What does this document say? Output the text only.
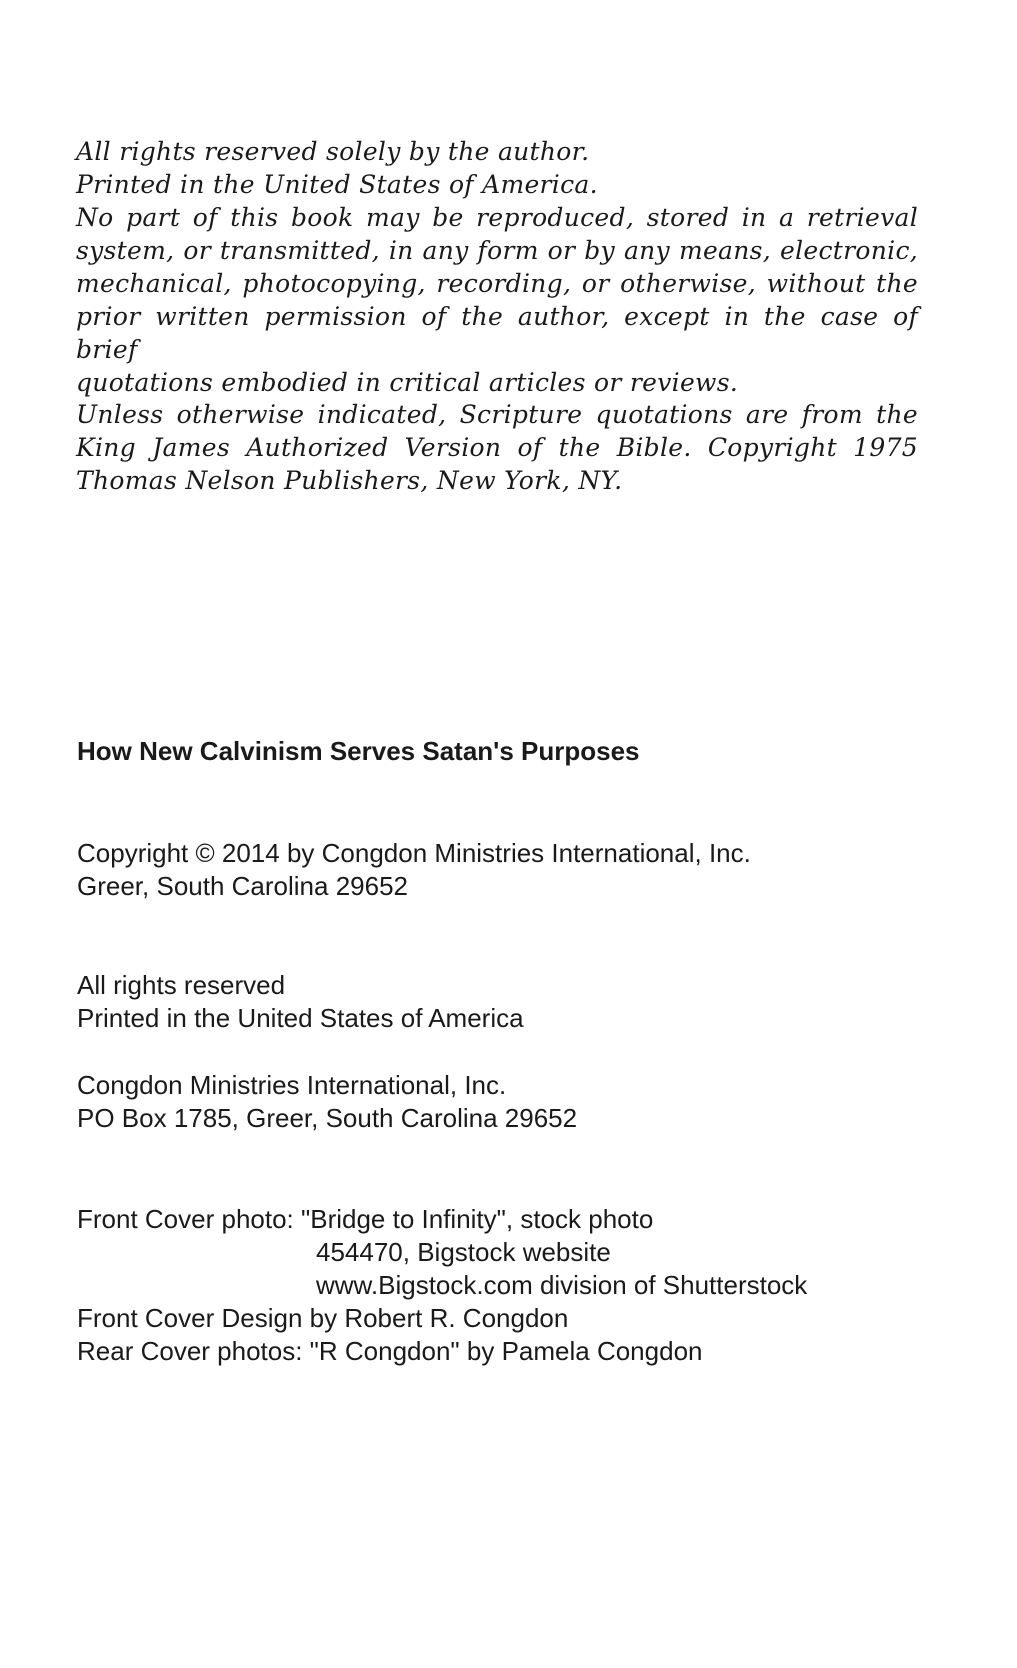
All rights reserved solely by the author.
Printed in the United States of America.
No part of this book may be reproduced, stored in a retrieval
system, or transmitted, in any form or by any means, electronic,
mechanical, photocopying, recording, or otherwise, without the
prior written permission of the author, except in the case of brief
quotations embodied in critical articles or reviews.
Unless otherwise indicated, Scripture quotations are from the
King James Authorized Version of the Bible. Copyright 1975
Thomas Nelson Publishers, New York, NY.
How New Calvinism Serves Satan's Purposes
Copyright © 2014 by Congdon Ministries International, Inc.
Greer, South Carolina 29652
All rights reserved
Printed in the United States of America
Congdon Ministries International, Inc.
PO Box 1785, Greer, South Carolina 29652
Front Cover photo: "Bridge to Infinity", stock photo
454470, Bigstock website
www.Bigstock.com division of Shutterstock
Front Cover Design by Robert R. Congdon
Rear Cover photos: "R Congdon" by Pamela Congdon
